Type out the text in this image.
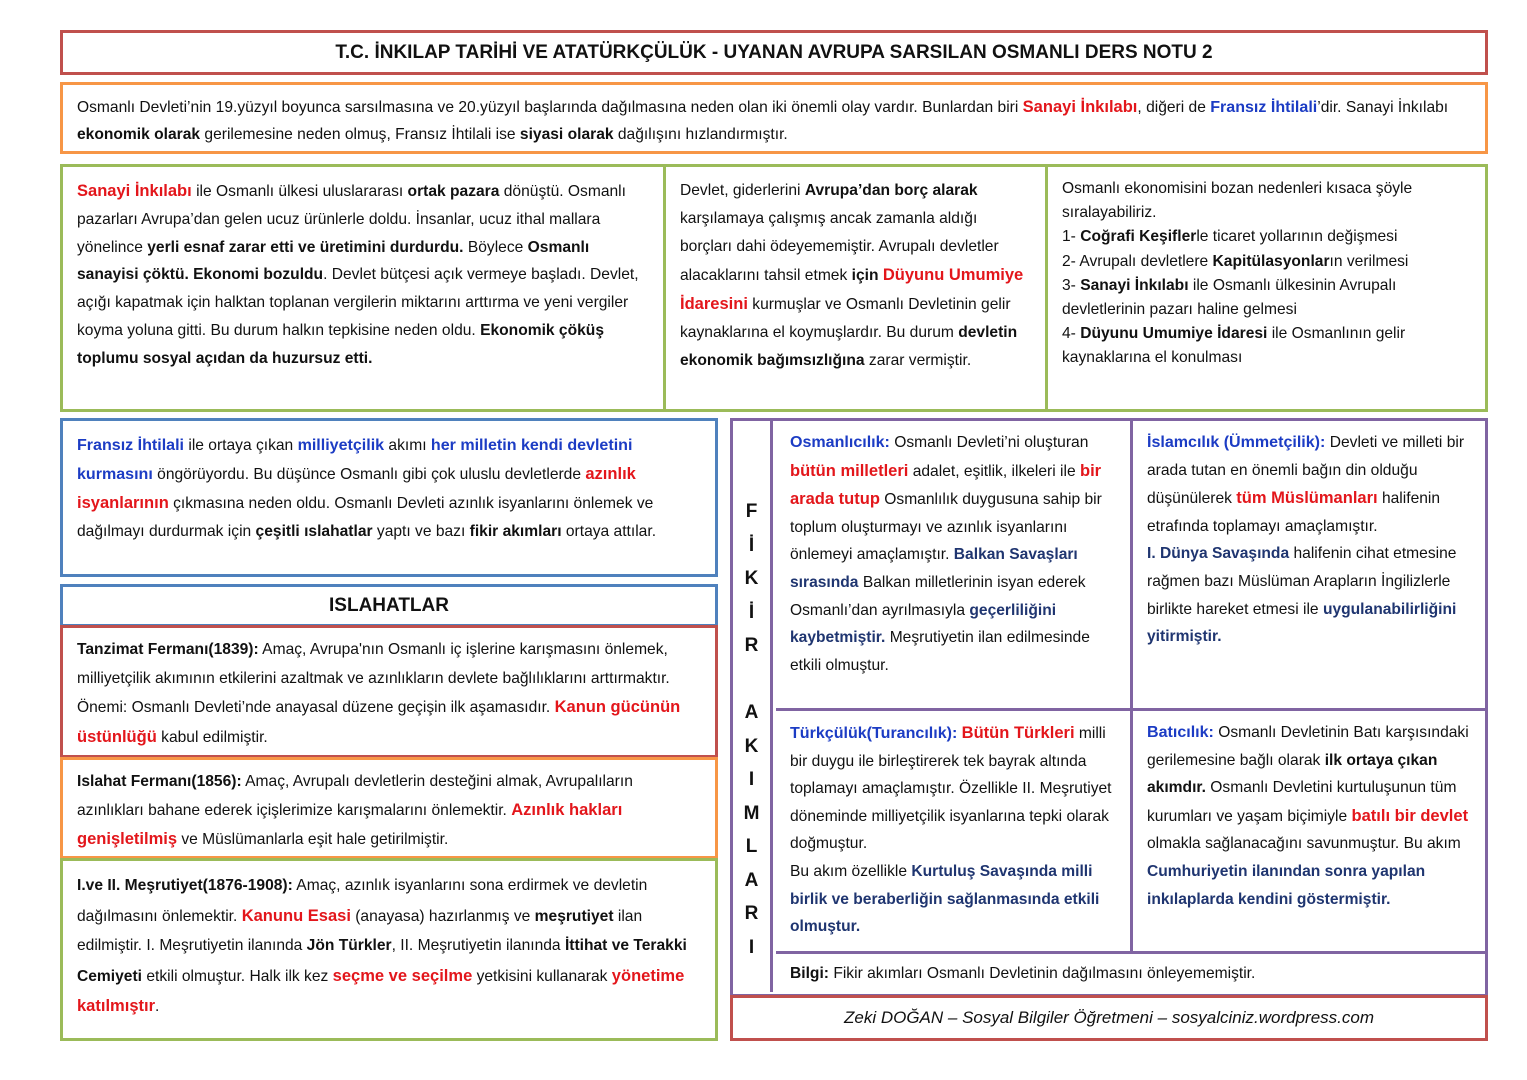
T.C. İNKILAP TARİHİ VE ATATÜRKÇÜLÜK - UYANAN AVRUPA SARSILAN OSMANLI DERS NOTU 2
Osmanlı Devleti’nin 19.yüzyıl boyunca sarsılmasına ve 20.yüzyıl başlarında dağılmasına neden olan iki önemli olay vardır. Bunlardan biri Sanayi İnkılabı, diğeri de Fransız İhtilali’dir. Sanayi İnkılabı ekonomik olarak gerilemesine neden olmuş, Fransız İhtilali ise siyasi olarak dağılışını hızlandırmıştır.
Sanayi İnkılabı ile Osmanlı ülkesi uluslararası ortak pazara dönüştü. Osmanlı pazarları Avrupa’dan gelen ucuz ürünlerle doldu. İnsanlar, ucuz ithal mallara yönelince yerli esnaf zarar etti ve üretimini durdurdu. Böylece Osmanlı sanayisi çöktü. Ekonomi bozuldu. Devlet bütçesi açık vermeye başladı. Devlet, açığı kapatmak için halktan toplanan vergilerin miktarını arttırma ve yeni vergiler koyma yoluna gitti. Bu durum halkın tepkisine neden oldu. Ekonomik çöküş toplumu sosyal açıdan da huzursuz etti.
Devlet, giderlerini Avrupa’dan borç alarak karşılamaya çalışmış ancak zamanla aldığı borçları dahi ödeyememiştir. Avrupalı devletler alacaklarını tahsil etmek için Düyunu Umumiye İdaresini kurmuşlar ve Osmanlı Devletinin gelir kaynaklarına el koymuşlardır. Bu durum devletin ekonomik bağımsızlığına zarar vermiştir.
Osmanlı ekonomisini bozan nedenleri kısaca şöyle sıralayabiliriz.
1- Coğrafi Keşiflerle ticaret yollarının değişmesi
2- Avrupalı devletlere Kapitülasyonların verilmesi
3- Sanayi İnkılabı ile Osmanlı ülkesinin Avrupalı devletlerinin pazarı haline gelmesi
4- Düyunu Umumiye İdaresi ile Osmanlının gelir kaynaklarına el konulması
Fransız İhtilali ile ortaya çıkan milliyetçilik akımı her milletin kendi devletini kurmasını öngörüyordu. Bu düşünce Osmanlı gibi çok uluslu devletlerde azınlık isyanlarının çıkmasına neden oldu. Osmanlı Devleti azınlık isyanlarını önlemek ve dağılmayı durdurmak için çeşitli ıslahatlar yaptı ve bazı fikir akımları ortaya attılar.
ISLAHATLAR
Tanzimat Fermanı(1839): Amaç, Avrupa'nın Osmanlı iç işlerine karışmasını önlemek, milliyetçilik akımının etkilerini azaltmak ve azınlıkların devlete bağlılıklarını arttırmaktır. Önemi: Osmanlı Devleti’nde anayasal düzene geçişin ilk aşamasıdır. Kanun gücünün üstünlüğü kabul edilmiştir.
Islahat Fermanı(1856): Amaç, Avrupalı devletlerin desteğini almak, Avrupalıların azınlıkları bahane ederek içişlerimize karışmalarını önlemektir. Azınlık hakları genişletilmiş ve Müslümanlarla eşit hale getirilmiştir.
I.ve II. Meşrutiyet(1876-1908): Amaç, azınlık isyanlarını sona erdirmek ve devletin dağılmasını önlemektir. Kanunu Esasi (anayasa) hazırlanmış ve meşrutiyet ilan edilmiştir. I. Meşrutiyetin ilanında Jön Türkler, II. Meşrutiyetin ilanında İttihat ve Terakki Cemiyeti etkili olmuştur. Halk ilk kez seçme ve seçilme yetkisini kullanarak yönetime katılmıştır.
F
İ
K
İ
R

A
K
I
M
L
A
R
I
Osmanlıcılık: Osmanlı Devleti’ni oluşturan bütün milletleri adalet, eşitlik, ilkeleri ile bir arada tutup Osmanlılık duygusuna sahip bir toplum oluşturmayı ve azınlık isyanlarını önlemeyi amaçlamıştır. Balkan Savaşları sırasında Balkan milletlerinin isyan ederek Osmanlı’dan ayrılmasıyla geçerliliğini kaybetmiştir. Meşrutiyetin ilan edilmesinde etkili olmuştur.
İslamcılık (Ümmetçilik): Devleti ve milleti bir arada tutan en önemli bağın din olduğu düşünülerek tüm Müslümanları halifenin etrafında toplamayı amaçlamıştır.
I. Dünya Savaşında halifenin cihat etmesine rağmen bazı Müslüman Arapların İngilizlerle birlikte hareket etmesi ile uygulanabilirliğini yitirmiştir.
Türkçülük(Turancılık): Bütün Türkleri milli bir duygu ile birleştirerek tek bayrak altında toplamayı amaçlamıştır. Özellikle II. Meşrutiyet döneminde milliyetçilik isyanlarına tepki olarak doğmuştur.
Bu akım özellikle Kurtuluş Savaşında milli birlik ve beraberliğin sağlanmasında etkili olmuştur.
Batıcılık: Osmanlı Devletinin Batı karşısındaki gerilemesine bağlı olarak ilk ortaya çıkan akımdır. Osmanlı Devletini kurtuluşunun tüm kurumları ve yaşam biçimiyle batılı bir devlet olmakla sağlanacağını savunmuştur. Bu akım Cumhuriyetin ilanından sonra yapılan inkılaplarda kendini göstermiştir.
Bilgi: Fikir akımları Osmanlı Devletinin dağılmasını önleyememiştir.
Zeki DOĞAN – Sosyal Bilgiler Öğretmeni – sosyalciniz.wordpress.com
